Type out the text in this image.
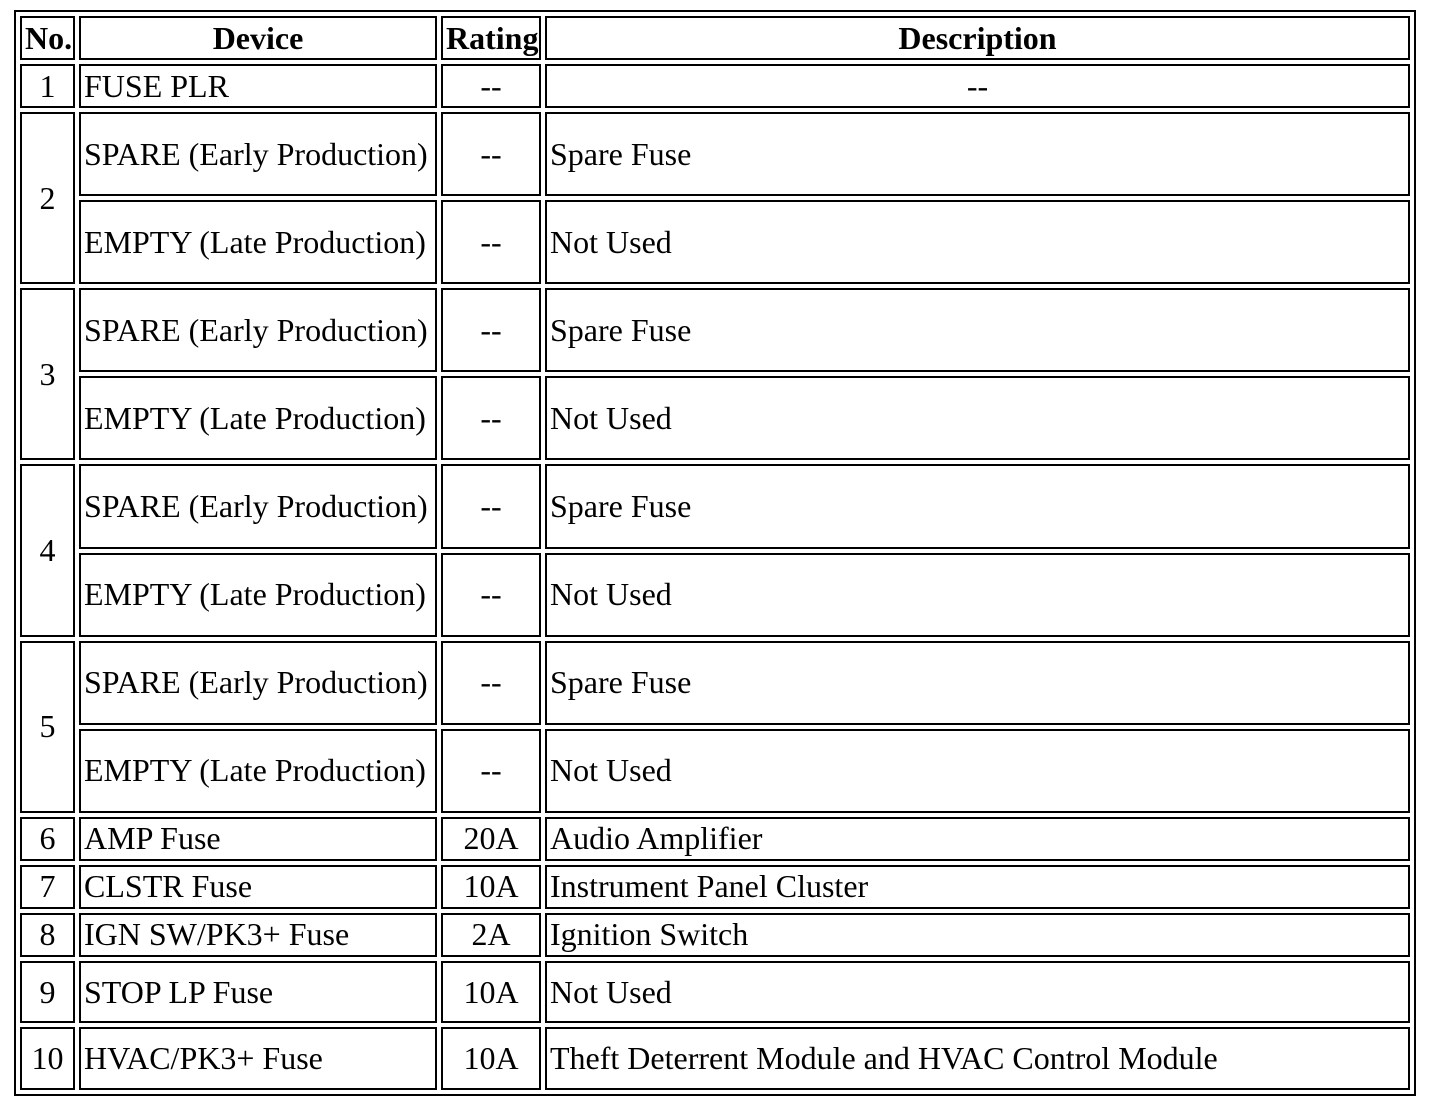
No.	Device	Rating	Description
1	FUSE PLR	--	--
2	SPARE (Early Production)	--	Spare Fuse
	EMPTY (Late Production)	--	Not Used
3	SPARE (Early Production)	--	Spare Fuse
	EMPTY (Late Production)	--	Not Used
4	SPARE (Early Production)	--	Spare Fuse
	EMPTY (Late Production)	--	Not Used
5	SPARE (Early Production)	--	Spare Fuse
	EMPTY (Late Production)	--	Not Used
6	AMP Fuse	20A	Audio Amplifier
7	CLSTR Fuse	10A	Instrument Panel Cluster
8	IGN SW/PK3+ Fuse	2A	Ignition Switch
9	STOP LP Fuse	10A	Not Used
10	HVAC/PK3+ Fuse	10A	Theft Deterrent Module and HVAC Control Module
